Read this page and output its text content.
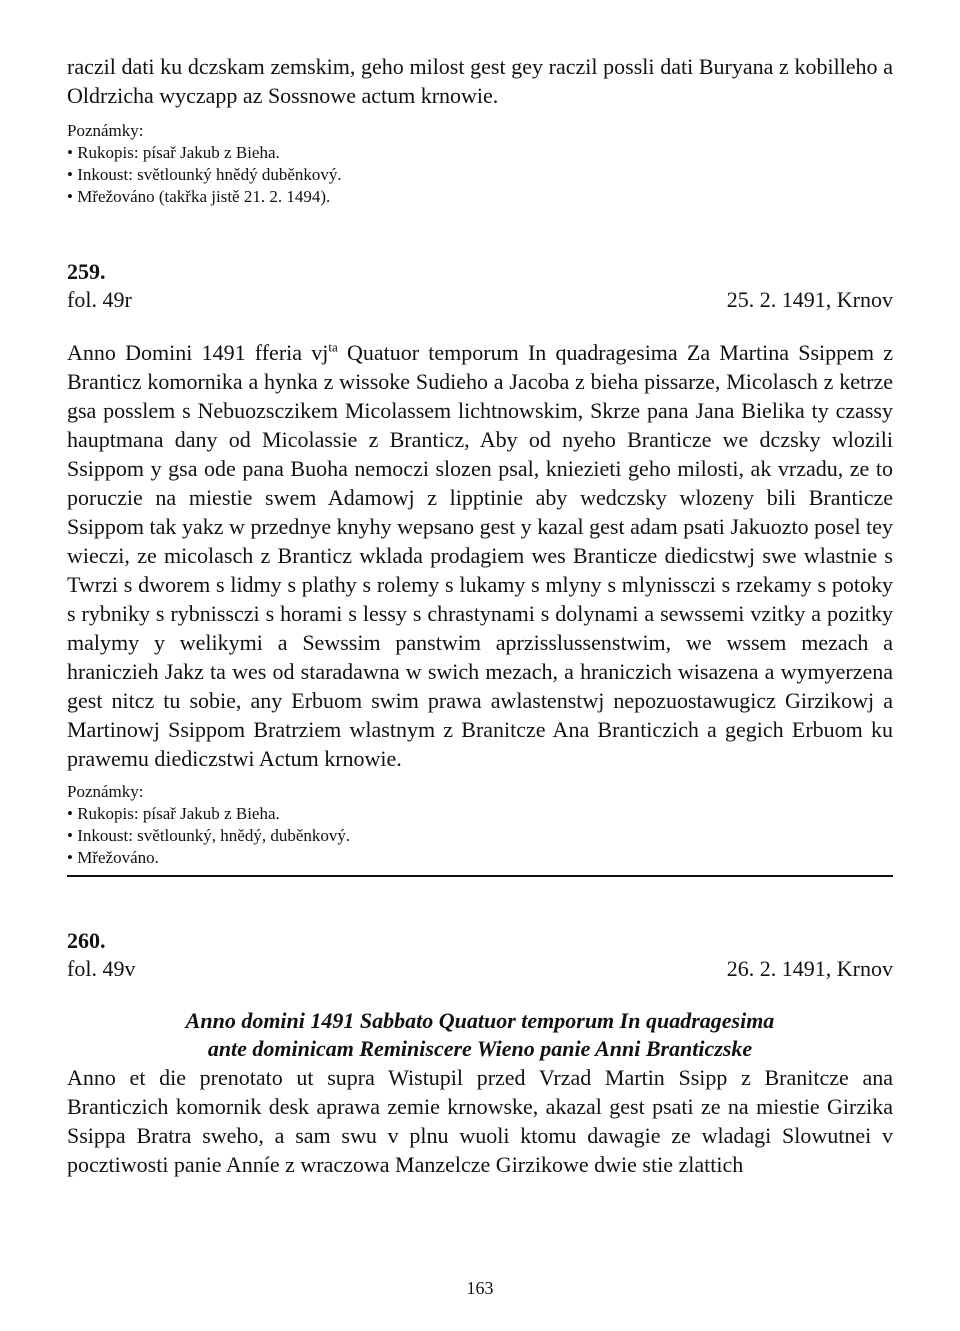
raczil dati ku dczskam zemskim, geho milost gest gey raczil possli dati Buryana z kobilleho a Oldrzicha wyczapp az Sossnowe actum krnowie.

Poznámky:
• Rukopis: písař Jakub z Bieha.
• Inkoust: světlounký hnědý duběnkový.
• Mřežováno (takřka jistě 21. 2. 1494).
259.
fol. 49r	25. 2. 1491, Krnov

Anno Domini 1491 fferia $vj^{ta}$ Quatuor temporum In quadragesima Za Martina Ssippem z Branticz komornika a hynka z wissoke Sudieho a Jacoba z bieha pissarze, Micolasch z ketrze gsa posslem s Nebuozsczikem Micolassem lichtnowskim, Skrze pana Jana Bielika ty czassy hauptmana dany od Micolassie z Branticz, Aby od nyeho Branticze we dczsky wlozili Ssippom y gsa ode pana Buoha nemoczi slozen psal, kniezieti geho milosti, ak vrzadu, ze to poruczie na miestie swem Adamowj z lipptinie aby wedczsky wlozeny bili Branticze Ssippom tak yakz w przednye knyhy wepsano gest y kazal gest adam psati Jakuozto posel tey wieczi, ze micolasch z Branticz wklada prodagiem wes Branticze diedicstwj swe wlastnie s Twrzi s dworem s lidmy s plathy s rolemy s lukamy s mlyny s mlynissczi s rzekamy s potoky s rybniky s rybnissczi s horami s lessy s chrastynami s dolynami a sewssemi vzitky a pozitky malymy y welikymi a Sewssim panstwim aprzisslussenstwim, we wssem mezach a hraniczieh Jakz ta wes od staradawna w swich mezach, a hraniczich wisazena a wymyerzena gest nitcz tu sobie, any Erbuom swim prawa awlastenstwj nepozuostawugicz Girzikowj a Martinowj Ssippom Bratrziem wlastnym z Branitcze Ana Branticzich a gegich Erbuom ku prawemu diediczstwi Actum krnowie.

Poznámky:
• Rukopis: písař Jakub z Bieha.
• Inkoust: světlounký, hnědý, duběnkový.
• Mřežováno.
260.
fol. 49v	26. 2. 1491, Krnov

Anno domini 1491 Sabbato Quatuor temporum In quadragesima

ante dominicam Reminiscere Wieno panie Anni Branticzske

Anno et die prenotato ut supra Wistupil przed Vrzad Martin Ssipp z Branitcze ana Branticzich komornik desk aprawa zemie krnowske, akazal gest psati ze na miestie Girzika Ssippa Bratra sweho, a sam swu v plnu wuoli ktomu dawagie ze wladagi Slowutnei v pocztiwosti panie Anníe z wraczowa Manzelcze Girzikowe dwie stie zlattich

163
